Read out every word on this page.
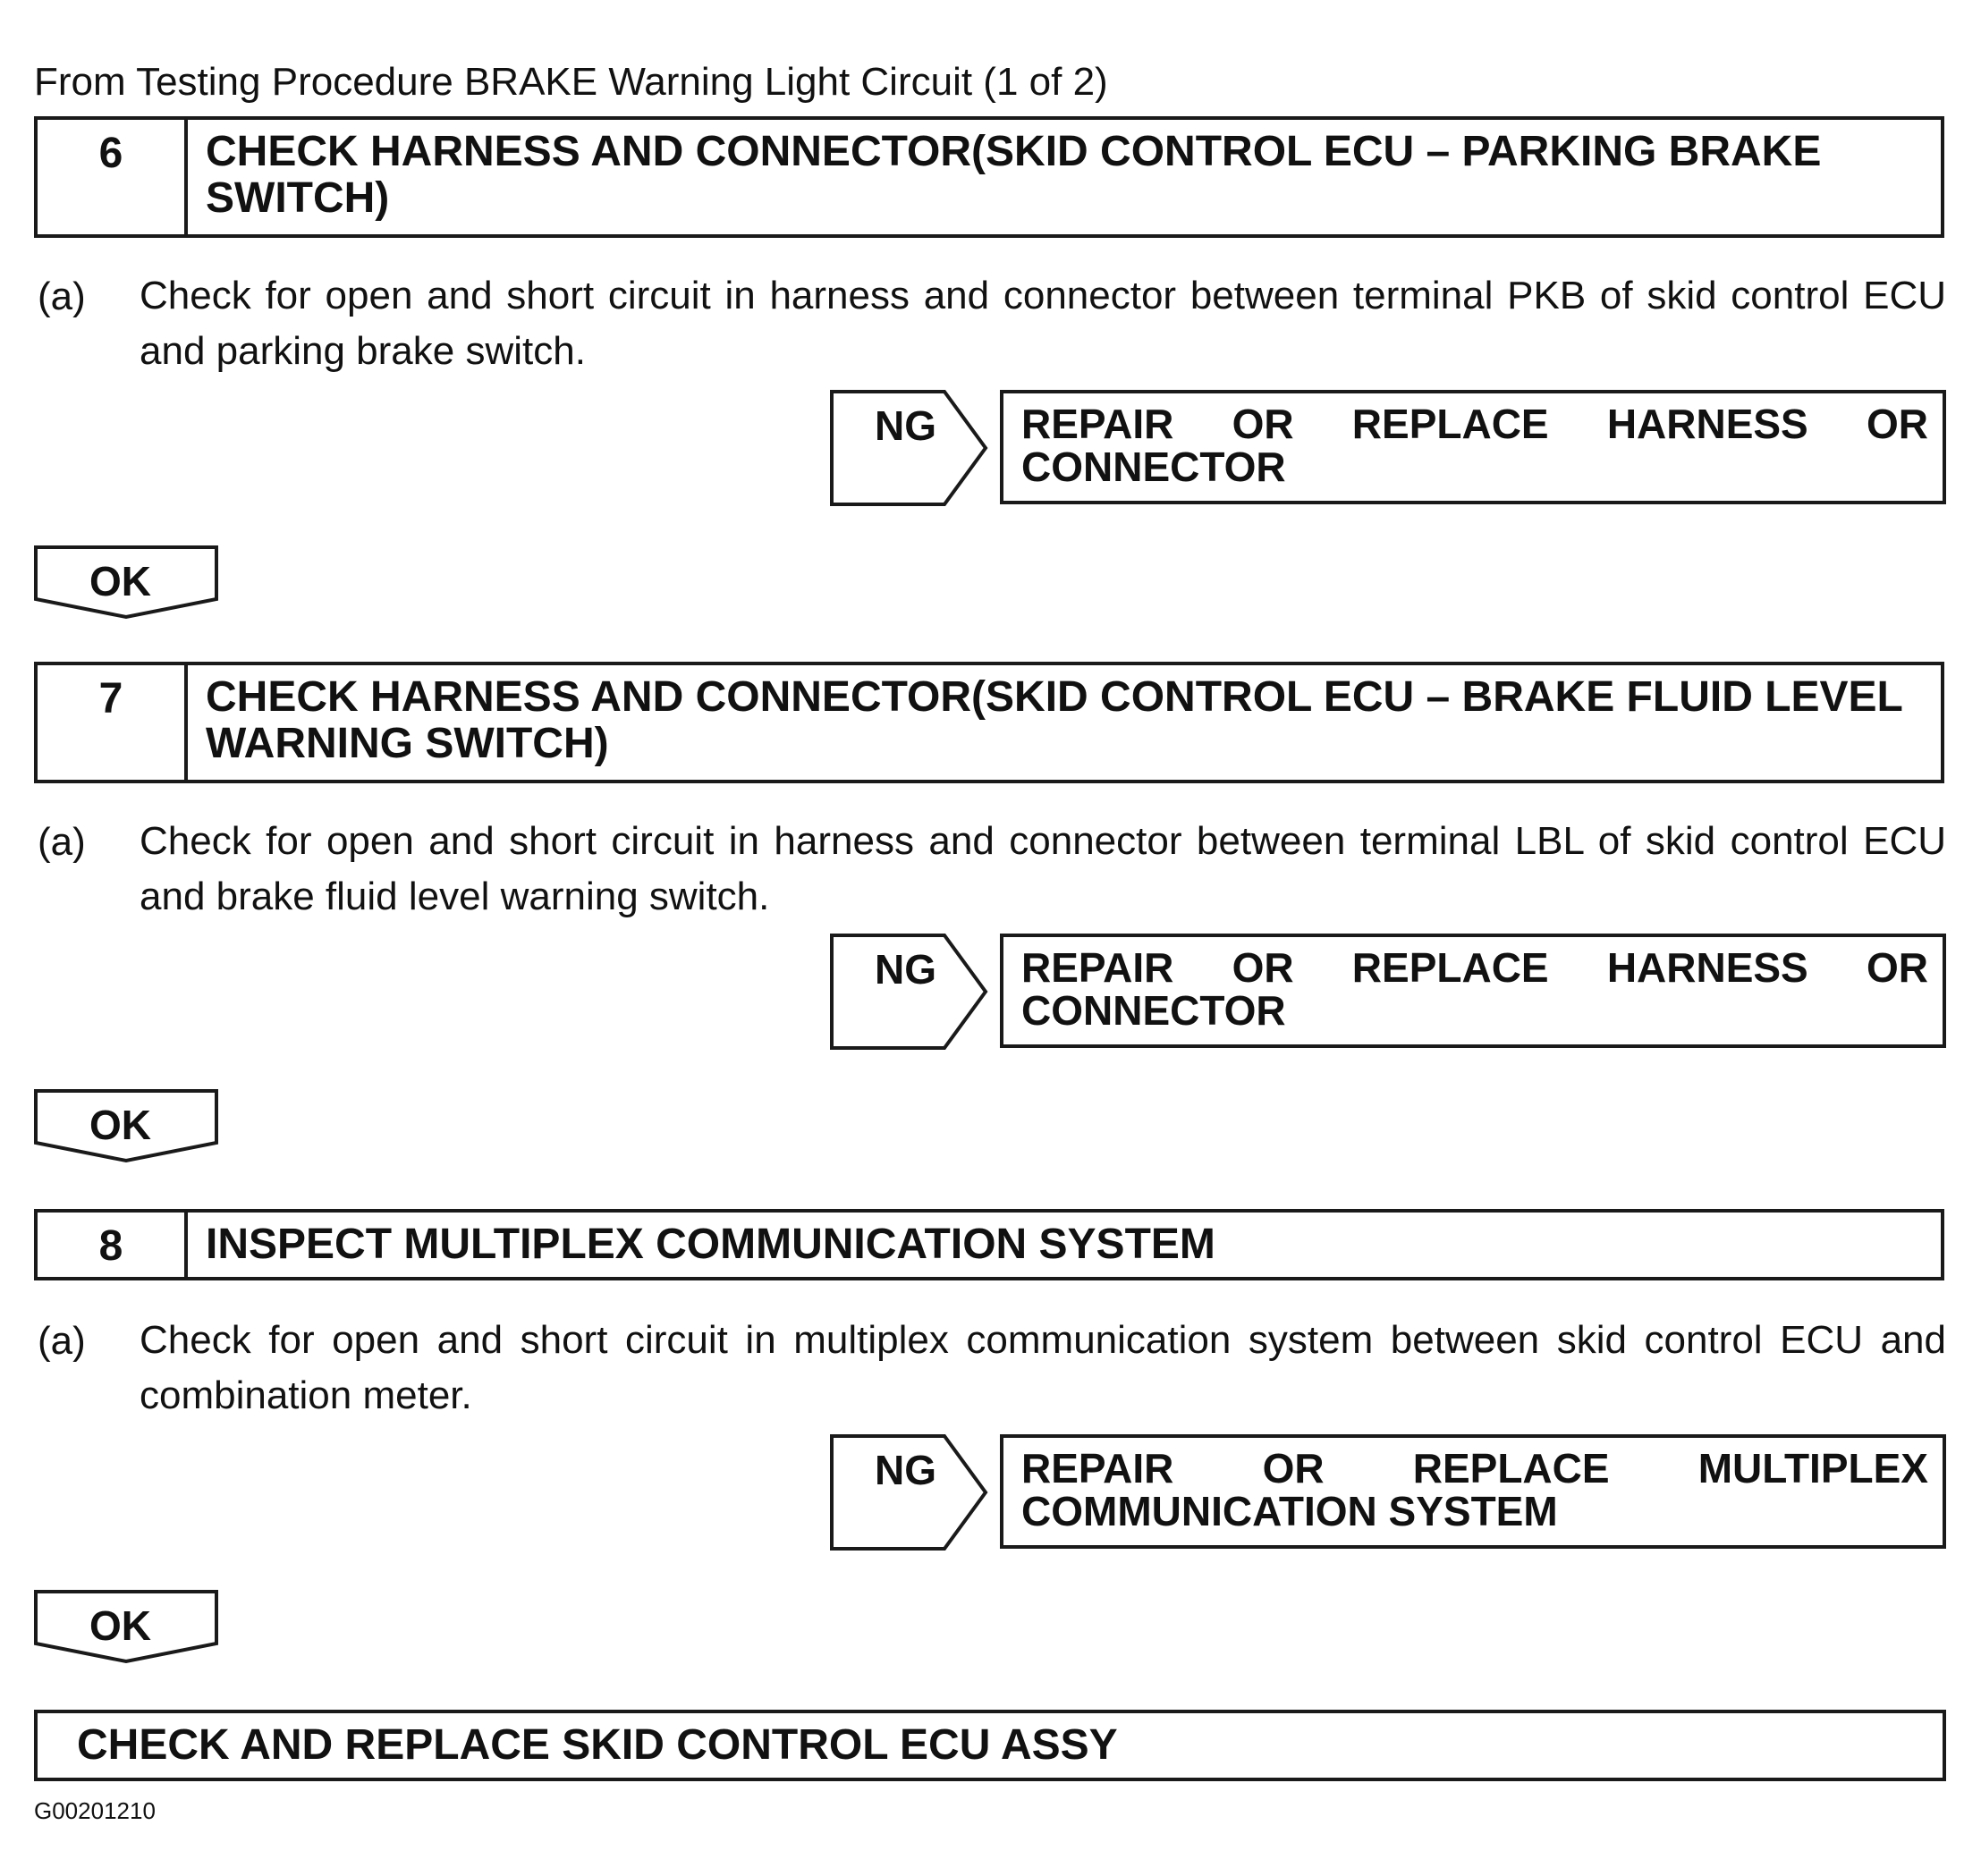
From Testing Procedure BRAKE Warning Light Circuit (1 of 2)
6	CHECK HARNESS AND CONNECTOR(SKID CONTROL ECU – PARKING BRAKE SWITCH)
(a) Check for open and short circuit in harness and connector between terminal PKB of skid control ECU and parking brake switch.
NG REPAIR OR REPLACE HARNESS OR
CONNECTOR
OK
7	CHECK HARNESS AND CONNECTOR(SKID CONTROL ECU – BRAKE FLUID LEVEL WARNING SWITCH)
(a) Check for open and short circuit in harness and connector between terminal LBL of skid control ECU and brake fluid level warning switch.
NG REPAIR OR REPLACE HARNESS OR
CONNECTOR
OK
8	INSPECT MULTIPLEX COMMUNICATION SYSTEM
(a) Check for open and short circuit in multiplex communication system between skid control ECU and combination meter.
NG REPAIR OR REPLACE MULTIPLEX
COMMUNICATION SYSTEM
OK
CHECK AND REPLACE SKID CONTROL ECU ASSY
G00201210
